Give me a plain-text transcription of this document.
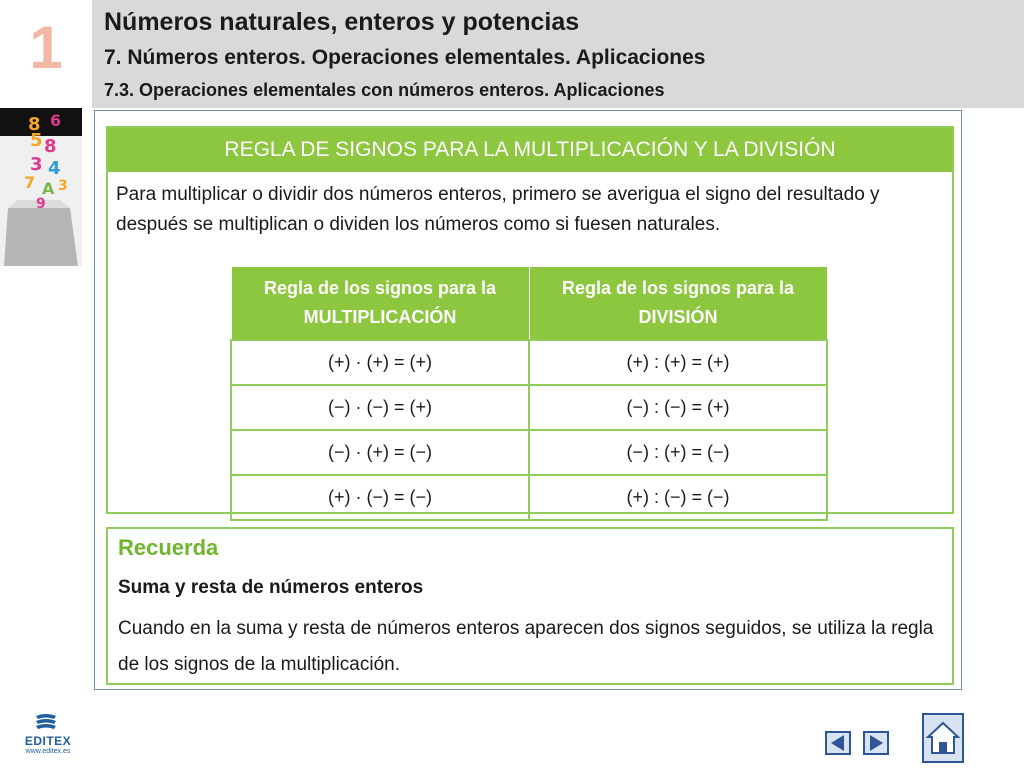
1	Números naturales, enteros y potencias
7. Números enteros. Operaciones elementales. Aplicaciones
7.3. Operaciones elementales con números enteros. Aplicaciones
8 6
5 8
3 4
7 A 3
9
REGLA DE SIGNOS PARA LA MULTIPLICACIÓN Y LA DIVISIÓN
Para multiplicar o dividir dos números enteros, primero se averigua el signo del resultado y después se multiplican o dividen los números como si fuesen naturales.
Regla de los signos para la MULTIPLICACIÓN	Regla de los signos para la DIVISIÓN
(+) · (+) = (+)	(+) : (+) = (+)
(−) · (−) = (+)	(−) : (−) = (+)
(−) · (+) = (−)	(−) : (+) = (−)
(+) · (−) = (−)	(+) : (−) = (−)
Recuerda
Suma y resta de números enteros
Cuando en la suma y resta de números enteros aparecen dos signos seguidos, se utiliza la regla de los signos de la multiplicación.
EDITEX
www.editex.es
